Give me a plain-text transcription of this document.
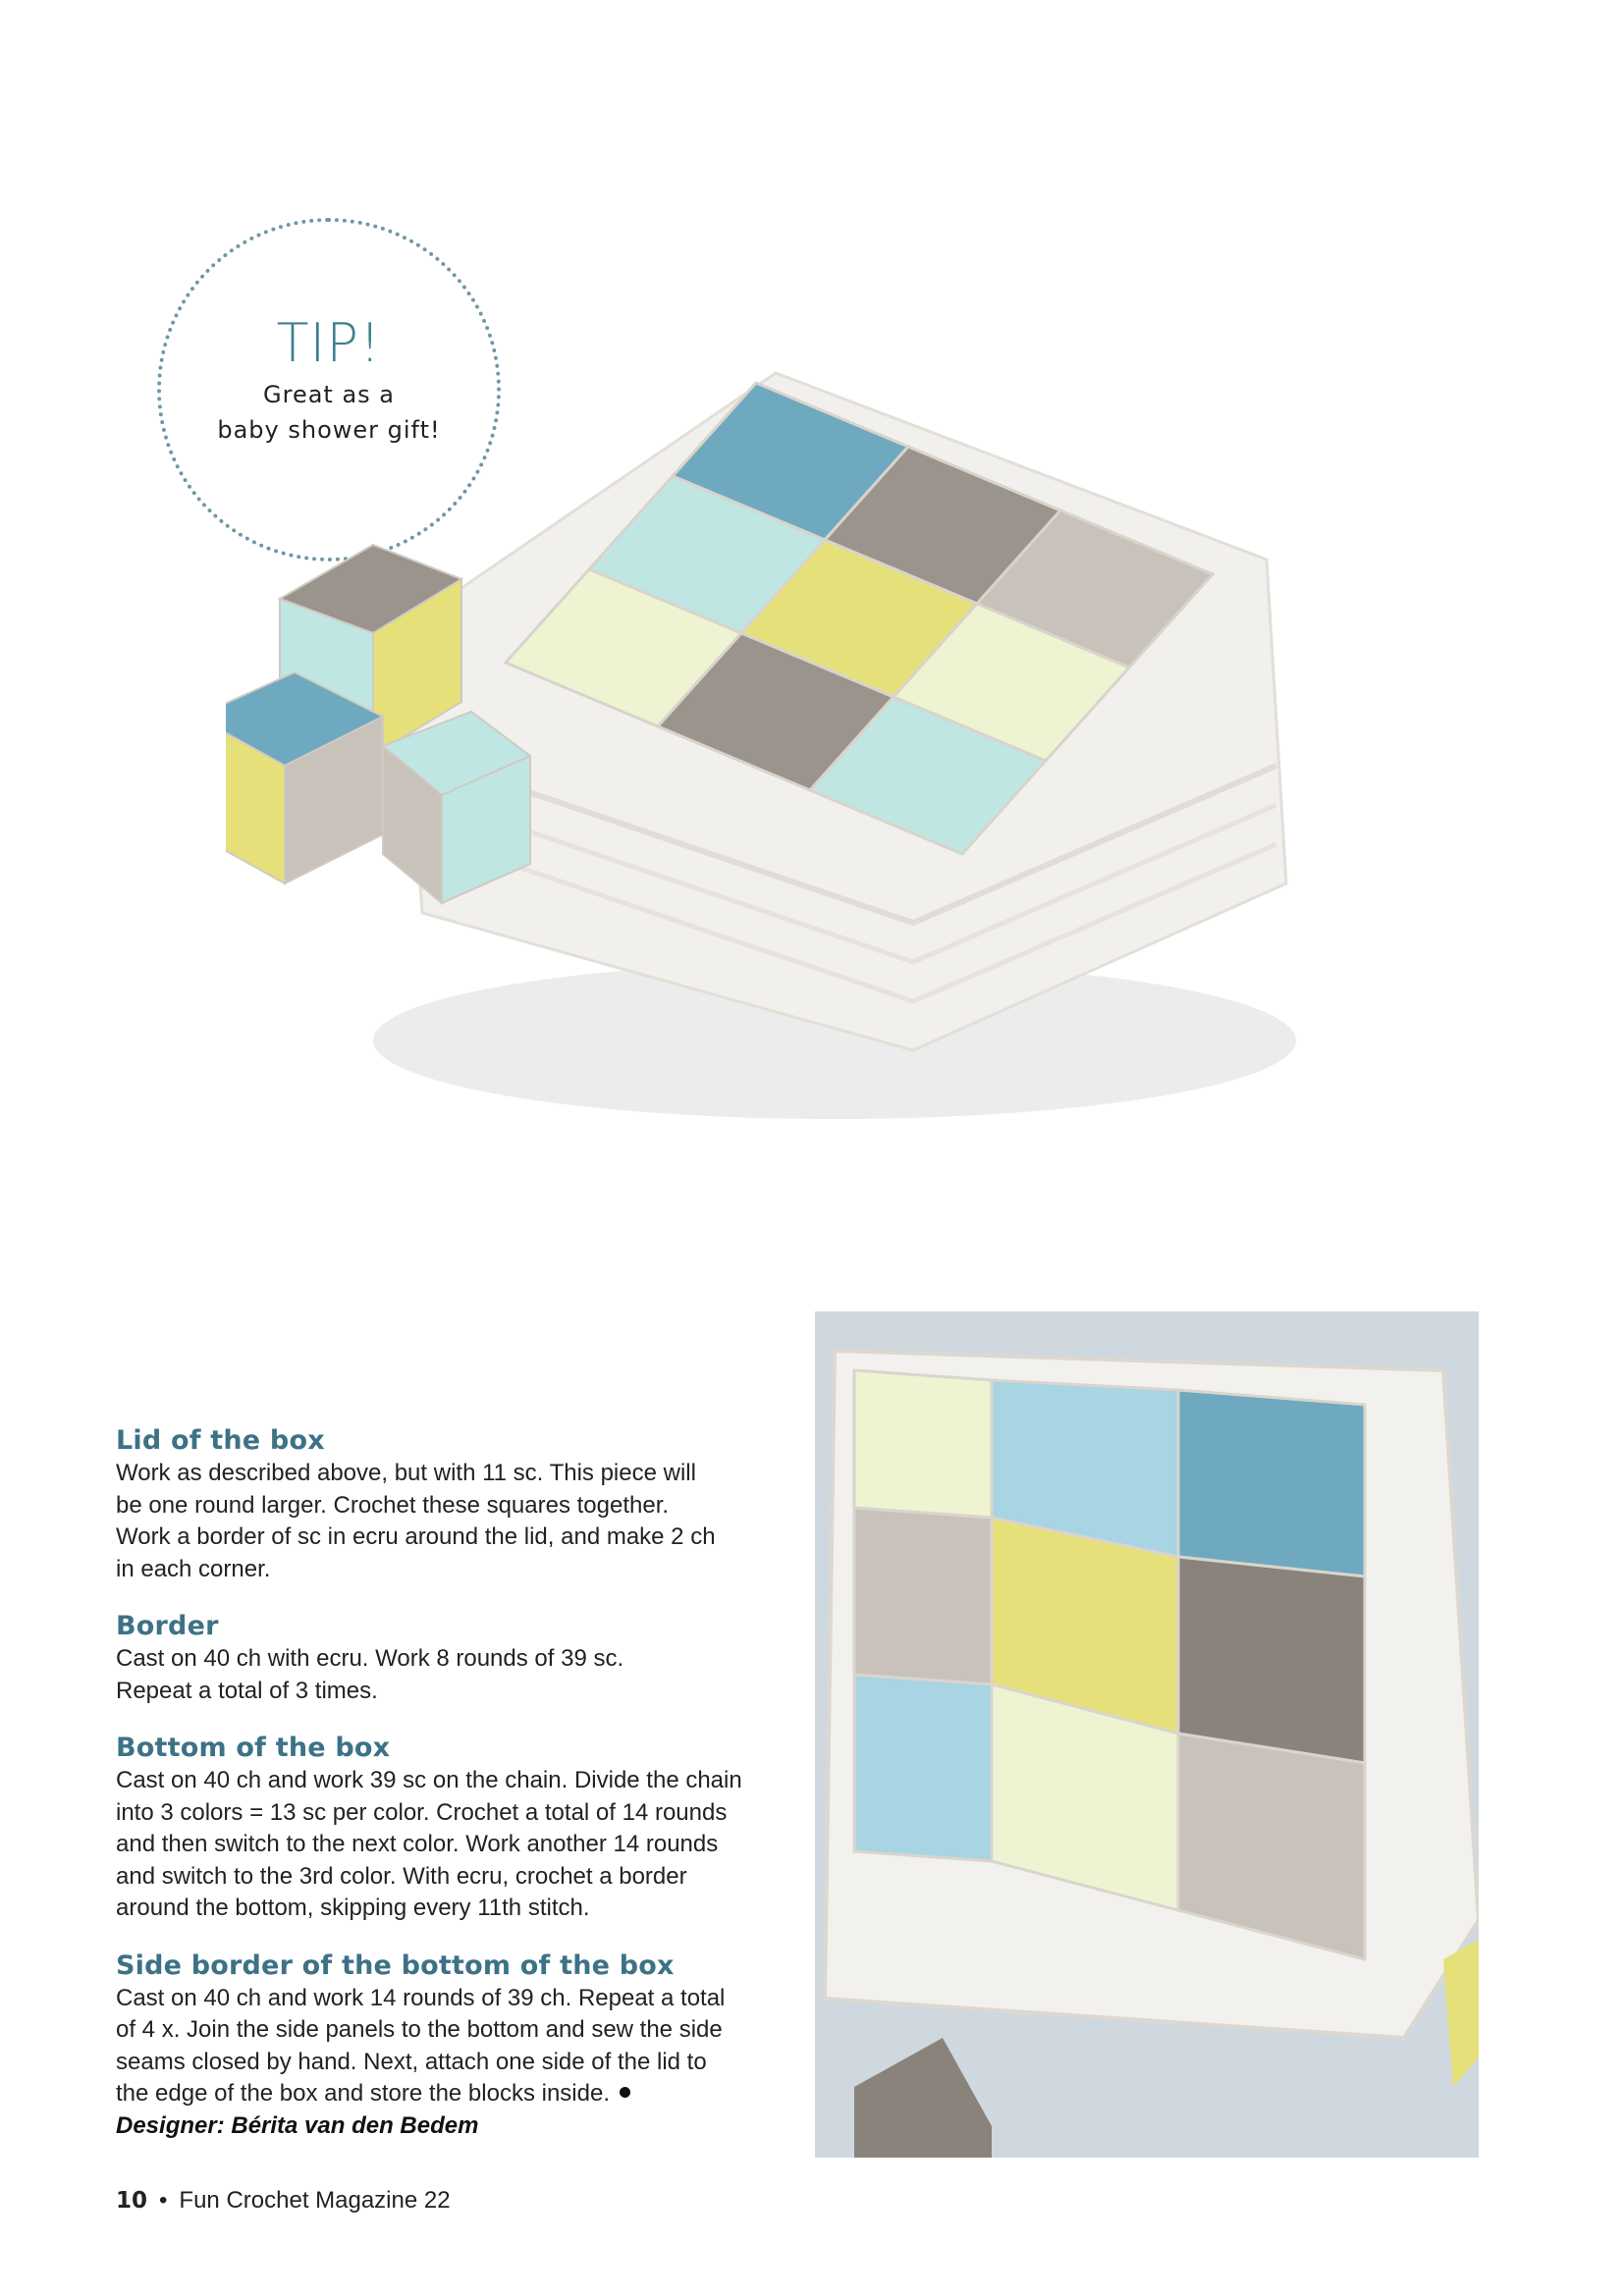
TIP!
Great as a
baby shower gift!
Lid of the box

Work as described above, but with 11 sc. This piece will
be one round larger. Crochet these squares together.
Work a border of sc in ecru around the lid, and make 2 ch
in each corner.

Border

Cast on 40 ch with ecru. Work 8 rounds of 39 sc.
Repeat a total of 3 times.

Bottom of the box

Cast on 40 ch and work 39 sc on the chain. Divide the chain
into 3 colors = 13 sc per color. Crochet a total of 14 rounds
and then switch to the next color. Work another 14 rounds
and switch to the 3rd color. With ecru, crochet a border
around the bottom, skipping every 11th stitch.

Side border of the bottom of the box

Cast on 40 ch and work 14 rounds of 39 ch. Repeat a total
of 4 x. Join the side panels to the bottom and sew the side
seams closed by hand. Next, attach one side of the lid to
the edge of the box and store the blocks inside.

Designer: Bérita van den Bedem
10 • Fun Crochet Magazine 22
